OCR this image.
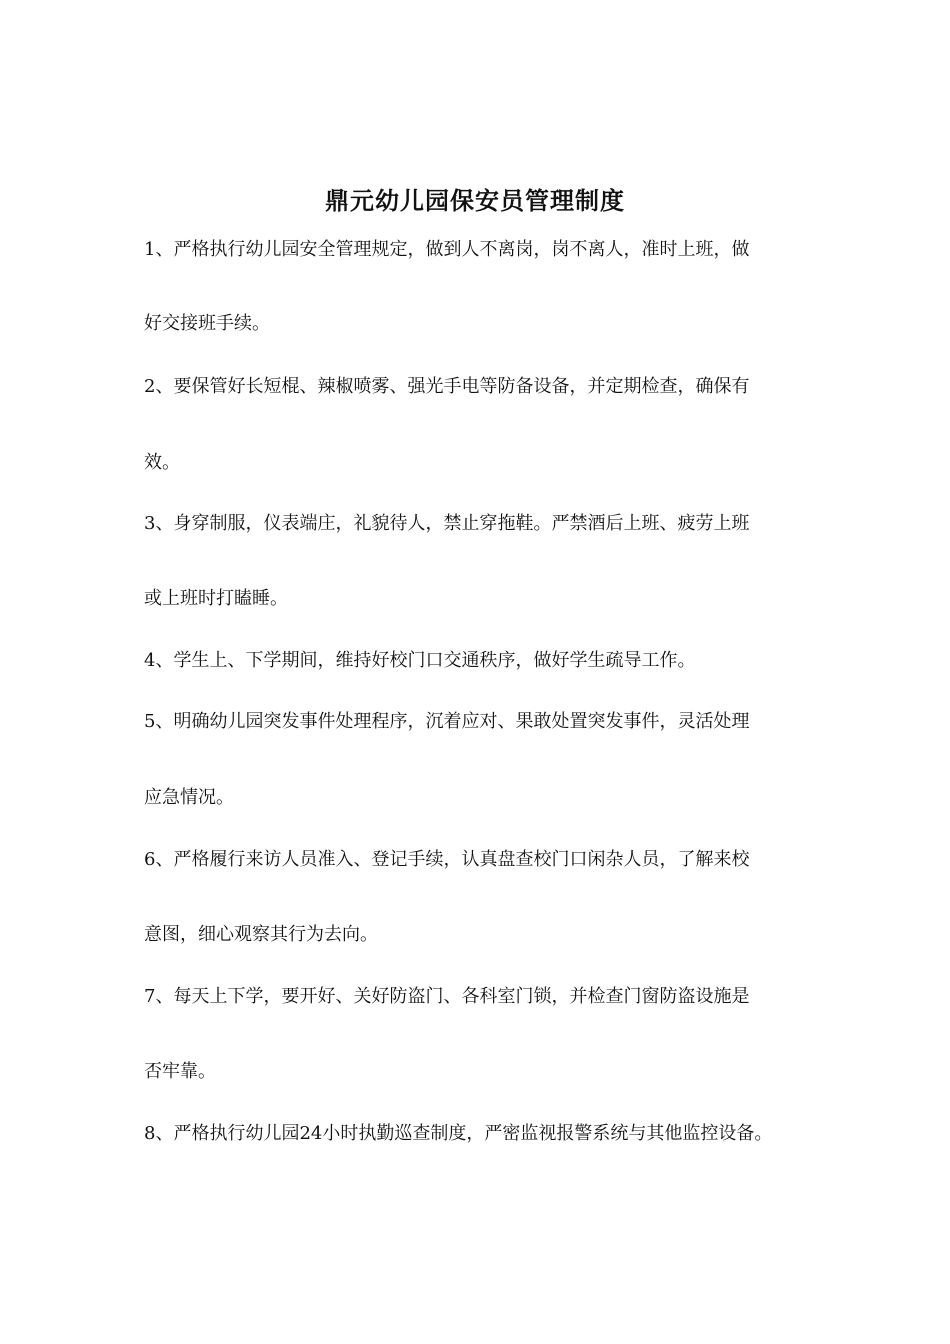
鼎元幼儿园保安员管理制度
1、严格执行幼儿园安全管理规定，做到人不离岗，岗不离人，准时上班，做
好交接班手续。
2、要保管好长短棍、辣椒喷雾、强光手电等防备设备，并定期检查，确保有
效。
3、身穿制服，仪表端庄，礼貌待人，禁止穿拖鞋。严禁酒后上班、疲劳上班
或上班时打瞌睡。
4、学生上、下学期间，维持好校门口交通秩序，做好学生疏导工作。
5、明确幼儿园突发事件处理程序，沉着应对、果敢处置突发事件，灵活处理
应急情况。
6、严格履行来访人员准入、登记手续，认真盘查校门口闲杂人员，了解来校
意图，细心观察其行为去向。
7、每天上下学，要开好、关好防盗门、各科室门锁，并检查门窗防盗设施是
否牢靠。
8、严格执行幼儿园24小时执勤巡查制度，严密监视报警系统与其他监控设备。
